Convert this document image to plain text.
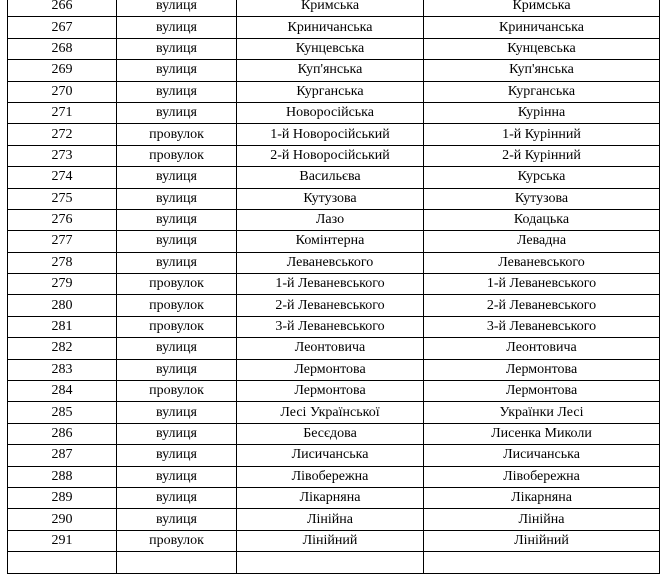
266	вулиця	Кримська	Кримська
267	вулиця	Криничанська	Криничанська
268	вулиця	Кунцевська	Кунцевська
269	вулиця	Куп'янська	Куп'янська
270	вулиця	Курганська	Курганська
271	вулиця	Новоросійська	Курінна
272	провулок	1-й Новоросійський	1-й Курінний
273	провулок	2-й Новоросійський	2-й Курінний
274	вулиця	Васильєва	Курська
275	вулиця	Кутузова	Кутузова
276	вулиця	Лазо	Кодацька
277	вулиця	Комінтерна	Левадна
278	вулиця	Леваневського	Леваневського
279	провулок	1-й Леваневського	1-й Леваневського
280	провулок	2-й Леваневського	2-й Леваневського
281	провулок	3-й Леваневського	3-й Леваневського
282	вулиця	Леонтовича	Леонтовича
283	вулиця	Лермонтова	Лермонтова
284	провулок	Лермонтова	Лермонтова
285	вулиця	Лесі Української	Українки Лесі
286	вулиця	Бесєдова	Лисенка Миколи
287	вулиця	Лисичанська	Лисичанська
288	вулиця	Лівобережна	Лівобережна
289	вулиця	Лікарняна	Лікарняна
290	вулиця	Лінійна	Лінійна
291	провулок	Лінійний	Лінійний
